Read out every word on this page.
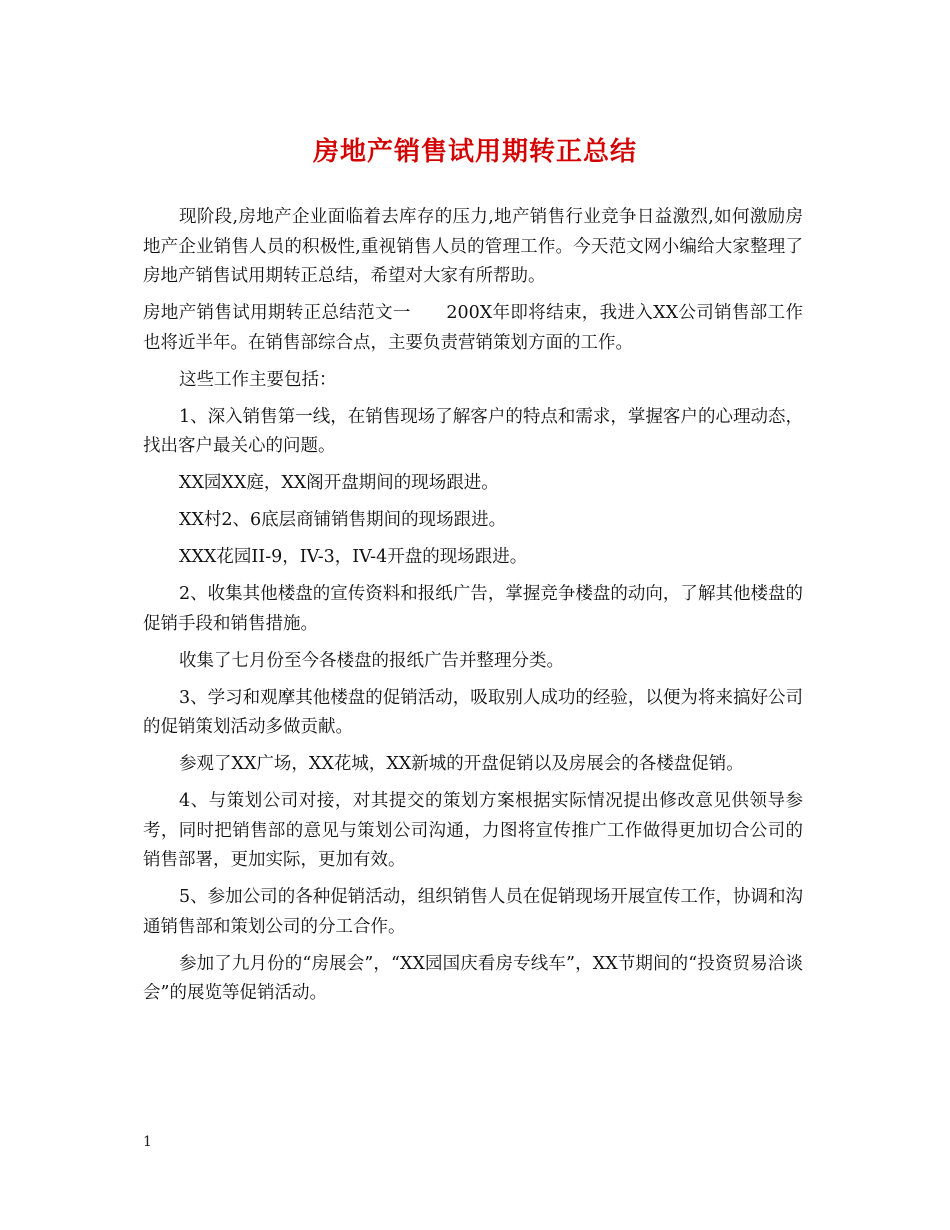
房地产销售试用期转正总结

现阶段,房地产企业面临着去库存的压力,地产销售行业竞争日益激烈,如何激励房地产企业销售人员的积极性,重视销售人员的管理工作。今天范文网小编给大家整理了房地产销售试用期转正总结，希望对大家有所帮助。

房地产销售试用期转正总结范文一　　200X年即将结束，我进入XX公司销售部工作也将近半年。在销售部综合点，主要负责营销策划方面的工作。

这些工作主要包括：

1、深入销售第一线，在销售现场了解客户的特点和需求，掌握客户的心理动态，找出客户最关心的问题。

XX园XX庭，XX阁开盘期间的现场跟进。

XX村2、6底层商铺销售期间的现场跟进。

XXX花园II-9，IV-3，IV-4开盘的现场跟进。

2、收集其他楼盘的宣传资料和报纸广告，掌握竞争楼盘的动向，了解其他楼盘的促销手段和销售措施。

收集了七月份至今各楼盘的报纸广告并整理分类。

3、学习和观摩其他楼盘的促销活动，吸取别人成功的经验，以便为将来搞好公司的促销策划活动多做贡献。

参观了XX广场，XX花城，XX新城的开盘促销以及房展会的各楼盘促销。

4、与策划公司对接，对其提交的策划方案根据实际情况提出修改意见供领导参考，同时把销售部的意见与策划公司沟通，力图将宣传推广工作做得更加切合公司的销售部署，更加实际，更加有效。

5、参加公司的各种促销活动，组织销售人员在促销现场开展宣传工作，协调和沟通销售部和策划公司的分工合作。

参加了九月份的“房展会”，“XX园国庆看房专线车”，XX节期间的“投资贸易洽谈会”的展览等促销活动。

1
